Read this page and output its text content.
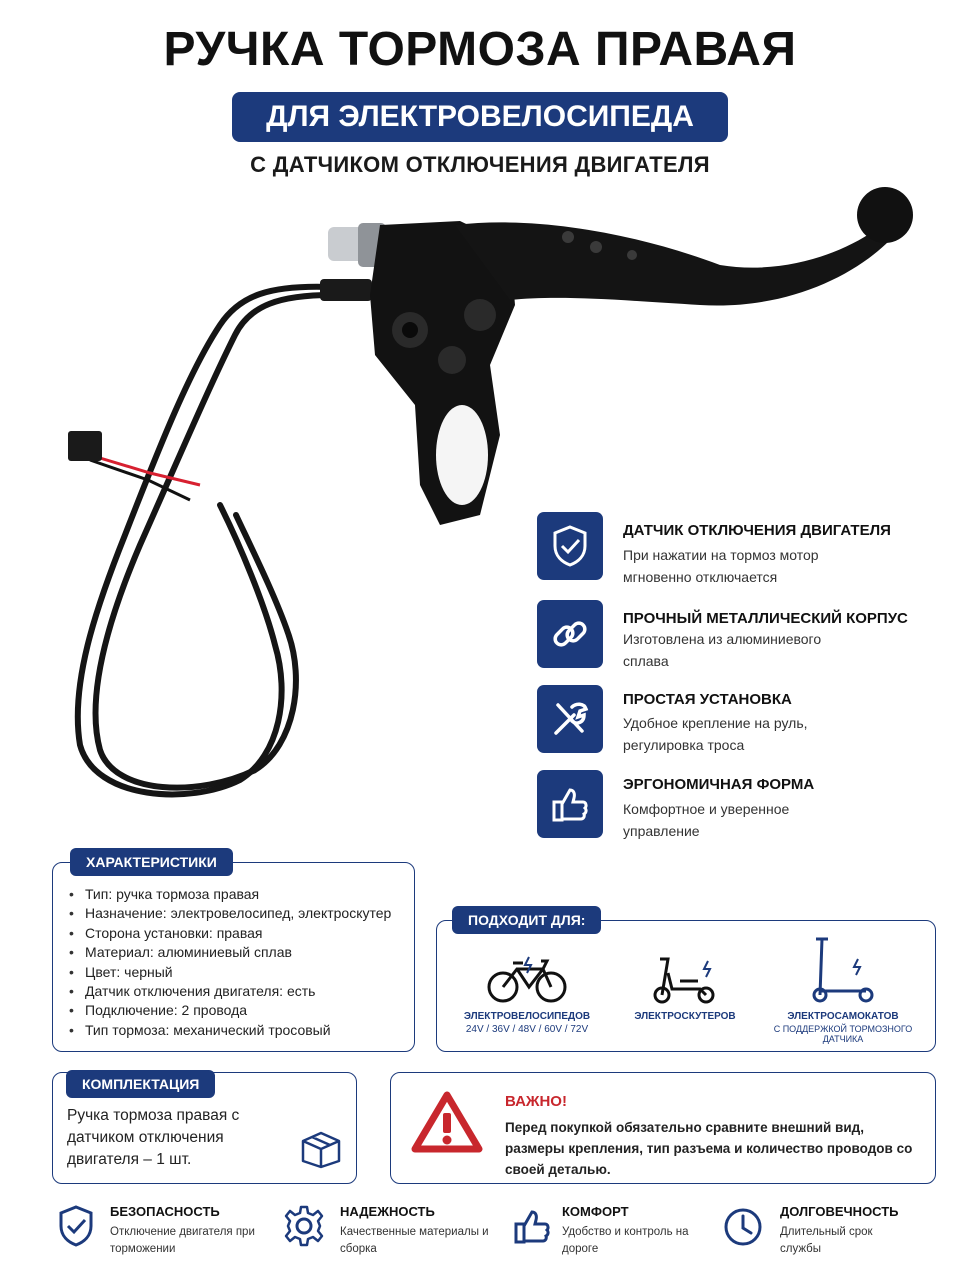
РУЧКА ТОРМОЗА ПРАВАЯ
ДЛЯ ЭЛЕКТРОВЕЛОСИПЕДА
С ДАТЧИКОМ ОТКЛЮЧЕНИЯ ДВИГАТЕЛЯ
ДАТЧИК ОТКЛЮЧЕНИЯ ДВИГАТЕЛЯ
При нажатии на тормоз мотор мгновенно отключается
ПРОЧНЫЙ МЕТАЛЛИЧЕСКИЙ КОРПУС
Изготовлена из алюминиевого сплава
ПРОСТАЯ УСТАНОВКА
Удобное крепление на руль, регулировка троса
ЭРГОНОМИЧНАЯ ФОРМА
Комфортное и уверенное управление
• Тип: ручка тормоза правая
• Назначение: электровелосипед, электроскутер
• Сторона установки: правая
• Материал: алюминиевый сплав
• Цвет: черный
• Датчик отключения двигателя: есть
• Подключение: 2 провода
• Тип тормоза: механический тросовый
ХАРАКТЕРИСТИКИ
ЭЛЕКТРОВЕЛОСИПЕДОВ
24V / 36V / 48V / 60V / 72V
ЭЛЕКТРОСКУТЕРОВ	ЭЛЕКТРОСАМОКАТОВ
С ПОДДЕРЖКОЙ ТОРМОЗНОГО ДАТЧИКА
ПОДХОДИТ ДЛЯ:
Ручка тормоза правая с датчиком отключения двигателя – 1 шт.
КОМПЛЕКТАЦИЯ
ВАЖНО!
Перед покупкой обязательно сравните внешний вид, размеры крепления, тип разъема и количество проводов со своей деталью.
БЕЗОПАСНОСТЬ
Отключение двигателя при торможении
НАДЕЖНОСТЬ
Качественные материалы и сборка
КОМФОРТ
Удобство и контроль на дороге
ДОЛГОВЕЧНОСТЬ
Длительный срок службы
